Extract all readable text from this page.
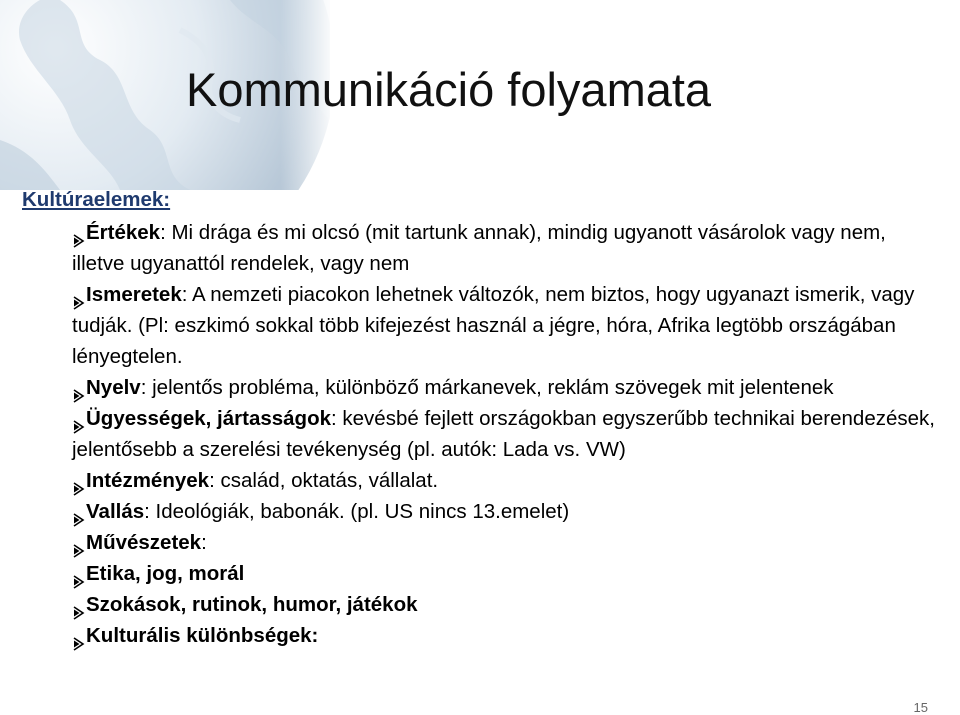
Kommunikáció folyamata
Kultúraelemek:
Értékek: Mi drága és mi olcsó (mit tartunk annak), mindig ugyanott vásárolok vagy nem, illetve ugyanattól rendelek, vagy nem
Ismeretek: A nemzeti piacokon lehetnek változók, nem biztos, hogy ugyanazt ismerik, vagy tudják. (Pl: eszkimó sokkal több kifejezést használ a jégre, hóra, Afrika legtöbb országában lényegtelen.
Nyelv: jelentős probléma, különböző márkanevek, reklám szövegek mit jelentenek
Ügyességek, jártasságok: kevésbé fejlett országokban egyszerűbb technikai berendezések, jelentősebb a szerelési tevékenység (pl. autók: Lada vs. VW)
Intézmények: család, oktatás, vállalat.
Vallás: Ideológiák, babonák. (pl. US nincs 13.emelet)
Művészetek:
Etika, jog, morál
Szokások, rutinok, humor, játékok
Kulturális különbségek:
15
